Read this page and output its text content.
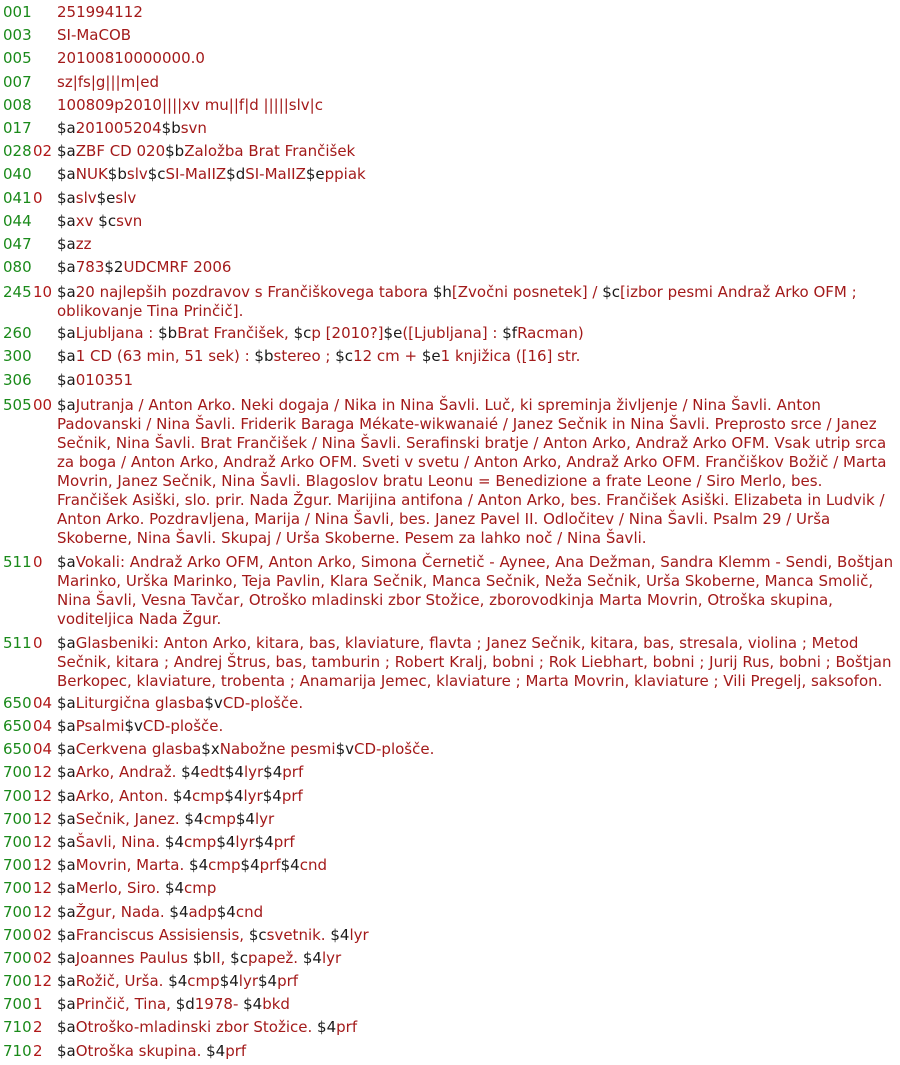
001 251994112
003 SI-MaCOB
005 20100810000000.0
007 sz|fs|g|||m|ed
008 100809p2010||||xv mu||f|d |||||slv|c
017 $a201005204$bsvn
028 02 $aZBF CD 020$bZaložba Brat Frančišek
040 $aNUK$bslv$cSI-MaIIZ$dSI-MaIIZ$eppiak
041 0 $aslv$eslv
044 $axv $csvn
047 $azz
080 $a783$2UDCMRF 2006
245 10 $a20 najlepših pozdravov s Frančiškovega tabora $h[Zvočni posnetek] / $c[izbor pesmi Andraž Arko OFM ; oblikovanje Tina Prinčič].
260 $aLjubljana : $bBrat Frančišek, $cp [2010?]$e([Ljubljana] : $fRacman)
300 $a1 CD (63 min, 51 sek) : $bstereo ; $c12 cm + $e1 knjižica ([16] str.
306 $a010351
505 00 $aJutranja / Anton Arko. Neki dogaja / Nika in Nina Šavli. Luč, ki spreminja življenje / Nina Šavli. Anton Padovanski / Nina Šavli. Friderik Baraga Mékate-wikwanaié / Janez Sečnik in Nina Šavli. Preprosto srce / Janez Sečnik, Nina Šavli. Brat Frančišek / Nina Šavli. Serafinski bratje / Anton Arko, Andraž Arko OFM. Vsak utrip srca za boga / Anton Arko, Andraž Arko OFM. Sveti v svetu / Anton Arko, Andraž Arko OFM. Frančiškov Božič / Marta Movrin, Janez Sečnik, Nina Šavli. Blagoslov bratu Leonu = Benedizione a frate Leone / Siro Merlo, bes. Frančišek Asiški, slo. prir. Nada Žgur. Marijina antifona / Anton Arko, bes. Frančišek Asiški. Elizabeta in Ludvik / Anton Arko. Pozdravljena, Marija / Nina Šavli, bes. Janez Pavel II. Odločitev / Nina Šavli. Psalm 29 / Urša Skoberne, Nina Šavli. Skupaj / Urša Skoberne. Pesem za lahko noč / Nina Šavli.
511 0 $aVokali: Andraž Arko OFM, Anton Arko, Simona Černetič - Aynee, Ana Dežman, Sandra Klemm - Sendi, Boštjan Marinko, Urška Marinko, Teja Pavlin, Klara Sečnik, Manca Sečnik, Neža Sečnik, Urša Skoberne, Manca Smolič, Nina Šavli, Vesna Tavčar, Otroško mladinski zbor Stožice, zborovodkinja Marta Movrin, Otroška skupina, voditeljica Nada Žgur.
511 0 $aGlasbeniki: Anton Arko, kitara, bas, klaviature, flavta ; Janez Sečnik, kitara, bas, stresala, violina ; Metod Sečnik, kitara ; Andrej Štrus, bas, tamburin ; Robert Kralj, bobni ; Rok Liebhart, bobni ; Jurij Rus, bobni ; Boštjan Berkopec, klaviature, trobenta ; Anamarija Jemec, klaviature ; Marta Movrin, klaviature ; Vili Pregelj, saksofon.
650 04 $aLiturgična glasba$vCD-plošče.
650 04 $aPsalmi$vCD-plošče.
650 04 $aCerkvena glasba$xNabožne pesmi$vCD-plošče.
700 12 $aArko, Andraž. $4edt$4lyr$4prf
700 12 $aArko, Anton. $4cmp$4lyr$4prf
700 12 $aSečnik, Janez. $4cmp$4lyr
700 12 $aŠavli, Nina. $4cmp$4lyr$4prf
700 12 $aMovrin, Marta. $4cmp$4prf$4cnd
700 12 $aMerlo, Siro. $4cmp
700 12 $aŽgur, Nada. $4adp$4cnd
700 02 $aFranciscus Assisiensis, $csvetnik. $4lyr
700 02 $aJoannes Paulus $bII, $cpapež. $4lyr
700 12 $aRožič, Urša. $4cmp$4lyr$4prf
700 1 $aPrinčič, Tina, $d1978- $4bkd
710 2 $aOtroško-mladinski zbor Stožice. $4prf
710 2 $aOtroška skupina. $4prf
